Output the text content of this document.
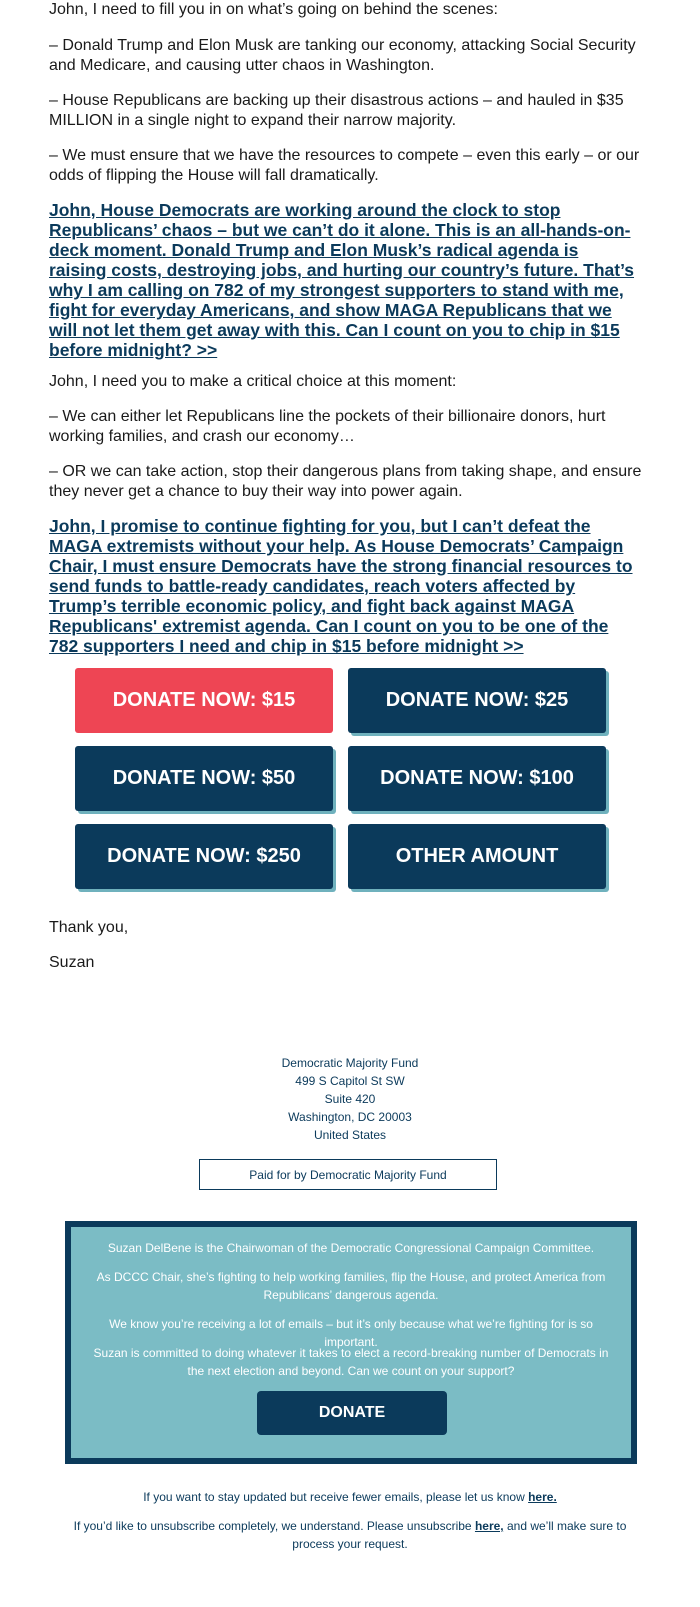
John, I need to fill you in on what’s going on behind the scenes:

– Donald Trump and Elon Musk are tanking our economy, attacking Social Security and Medicare, and causing utter chaos in Washington.

– House Republicans are backing up their disastrous actions – and hauled in $35 MILLION in a single night to expand their narrow majority.

– We must ensure that we have the resources to compete – even this early – or our odds of flipping the House will fall dramatically.

John, House Democrats are working around the clock to stop Republicans’ chaos – but we can’t do it alone. This is an all-hands-on-deck moment. Donald Trump and Elon Musk’s radical agenda is raising costs, destroying jobs, and hurting our country’s future. That’s why I am calling on 782 of my strongest supporters to stand with me, fight for everyday Americans, and show MAGA Republicans that we will not let them get away with this. Can I count on you to chip in $15 before midnight? >>

John, I need you to make a critical choice at this moment:

– We can either let Republicans line the pockets of their billionaire donors, hurt working families, and crash our economy…

– OR we can take action, stop their dangerous plans from taking shape, and ensure they never get a chance to buy their way into power again.

John, I promise to continue fighting for you, but I can’t defeat the MAGA extremists without your help. As House Democrats’ Campaign Chair, I must ensure Democrats have the strong financial resources to send funds to battle-ready candidates, reach voters affected by Trump’s terrible economic policy, and fight back against MAGA Republicans' extremist agenda. Can I count on you to be one of the 782 supporters I need and chip in $15 before midnight >>
DONATE NOW: $15	DONATE NOW: $25
DONATE NOW: $50	DONATE NOW: $100
DONATE NOW: $250	OTHER AMOUNT
Thank you,
Suzan
Democratic Majority Fund
499 S Capitol St SW
Suite 420
Washington, DC 20003
United States
Paid for by Democratic Majority Fund

Suzan DelBene is the Chairwoman of the Democratic Congressional Campaign Committee.

As DCCC Chair, she’s fighting to help working families, flip the House, and protect America from Republicans’ dangerous agenda.

We know you’re receiving a lot of emails – but it’s only because what we’re fighting for is so important.

Suzan is committed to doing whatever it takes to elect a record-breaking number of Democrats in the next election and beyond. Can we count on your support?

DONATE
If you want to stay updated but receive fewer emails, please let us know here.
If you’d like to unsubscribe completely, we understand. Please unsubscribe here, and we’ll make sure to process your request.
